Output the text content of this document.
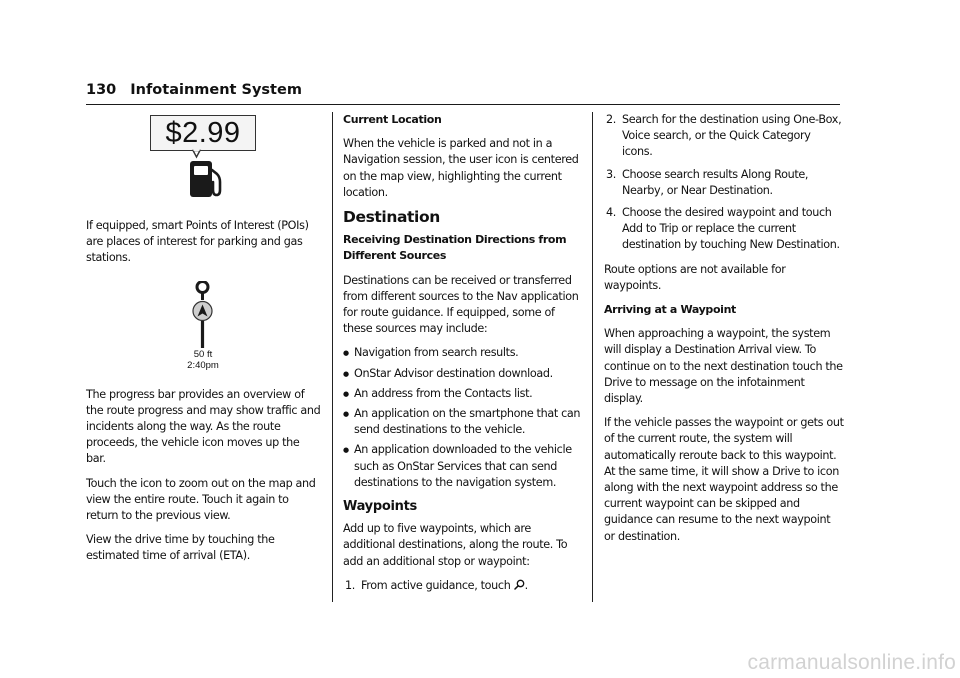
130 Infotainment System
$2.99

If equipped, smart Points of Interest (POIs) are places of interest for parking and gas stations.

50 ft
2:40pm

The progress bar provides an overview of the route progress and may show traffic and incidents along the way. As the route proceeds, the vehicle icon moves up the bar.

Touch the icon to zoom out on the map and view the entire route. Touch it again to return to the previous view.

View the drive time by touching the estimated time of arrival (ETA).

Current Location

When the vehicle is parked and not in a Navigation session, the user icon is centered on the map view, highlighting the current location.

Destination

Receiving Destination Directions from Different Sources

Destinations can be received or transferred from different sources to the Nav application for route guidance. If equipped, some of these sources may include:

● Navigation from search results.
● OnStar Advisor destination download.
● An address from the Contacts list.
● An application on the smartphone that can send destinations to the vehicle.
● An application downloaded to the vehicle such as OnStar Services that can send destinations to the navigation system.
Waypoints

Add up to five waypoints, which are additional destinations, along the route. To add an additional stop or waypoint:

1. From active guidance, touch .
2. Search for the destination using One-Box, Voice search, or the Quick Category icons.
3. Choose search results Along Route, Nearby, or Near Destination.
4. Choose the desired waypoint and touch Add to Trip or replace the current destination by touching New Destination.

Route options are not available for waypoints.

Arriving at a Waypoint

When approaching a waypoint, the system will display a Destination Arrival view. To continue on to the next destination touch the Drive to message on the infotainment display.

If the vehicle passes the waypoint or gets out of the current route, the system will automatically reroute back to this waypoint. At the same time, it will show a Drive to icon along with the next waypoint address so the current waypoint can be skipped and guidance can resume to the next waypoint or destination.

carmanualsonline.info
